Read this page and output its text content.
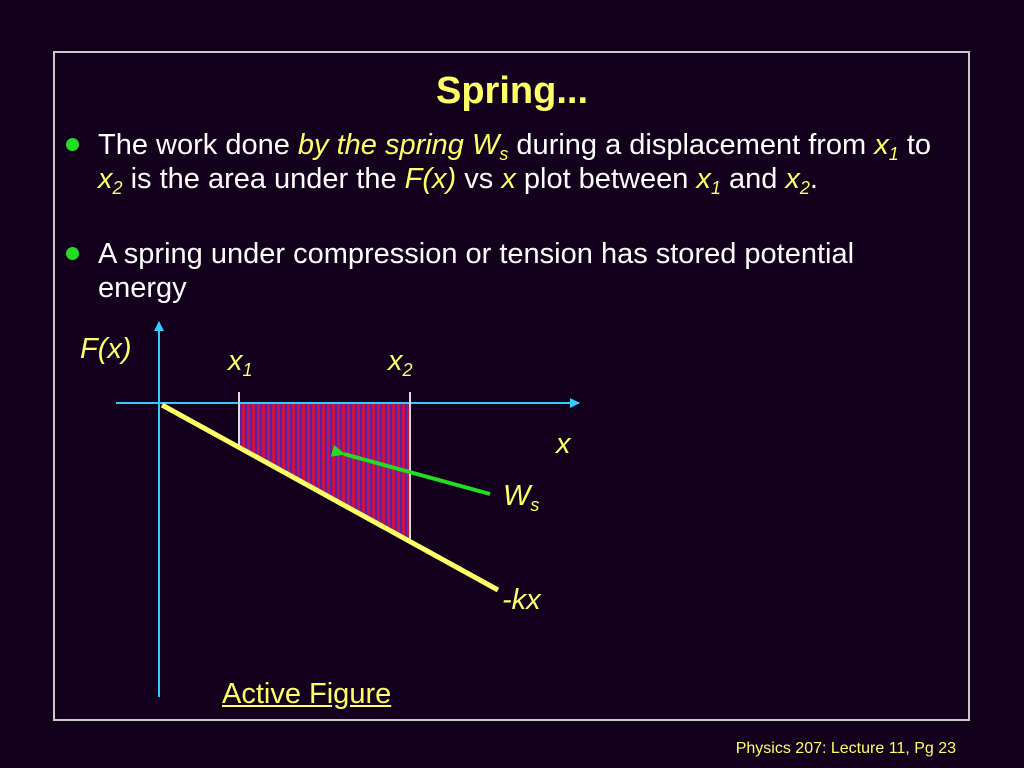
Spring...
The work done by the spring $W_s$ during a displacement from $x_1$ to $x_2$ is the area under the F(x) vs x plot between $x_1$ and $x_2$.
A spring under compression or tension has stored potential energy
F(x)	$x_1$	$x_2$
x
$W_s$
-kx
Active Figure
Physics 207: Lecture 11, Pg 23
